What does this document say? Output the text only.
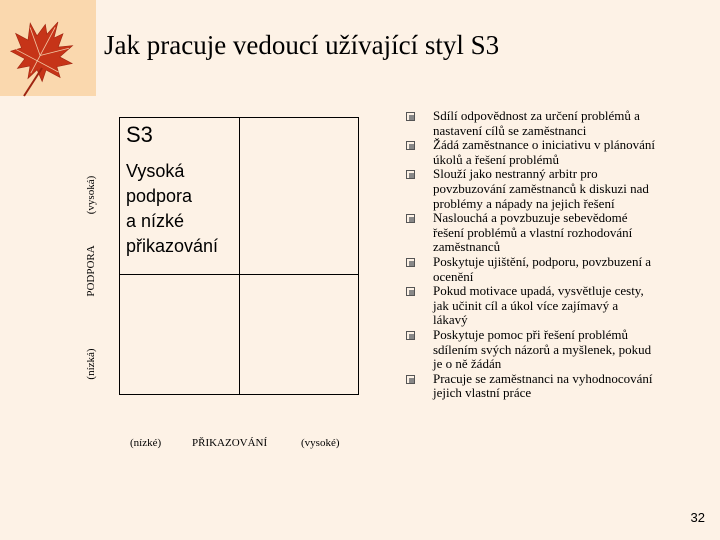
Jak pracuje vedoucí užívající styl S3
(vysoká)
PODPORA
(nízká)
S3
Vysoká
podpora
a nízké
přikazování
(nízké)	PŘIKAZOVÁNÍ	(vysoké)
Sdílí odpovědnost za určení problémů a nastavení cílů se zaměstnanci
Žádá zaměstnance o iniciativu v plánování úkolů a řešení problémů
Slouží jako nestranný arbitr pro povzbuzování zaměstnanců k diskuzi nad problémy a nápady na jejich řešení
Naslouchá a povzbuzuje sebevědomé řešení problémů a vlastní rozhodování zaměstnanců
Poskytuje ujištění, podporu, povzbuzení a ocenění
Pokud motivace upadá, vysvětluje cesty, jak učinit cíl a úkol více zajímavý a lákavý
Poskytuje pomoc při řešení problémů sdílením svých názorů a myšlenek, pokud je o ně žádán
Pracuje se zaměstnanci na vyhodnocování jejich vlastní práce
32
